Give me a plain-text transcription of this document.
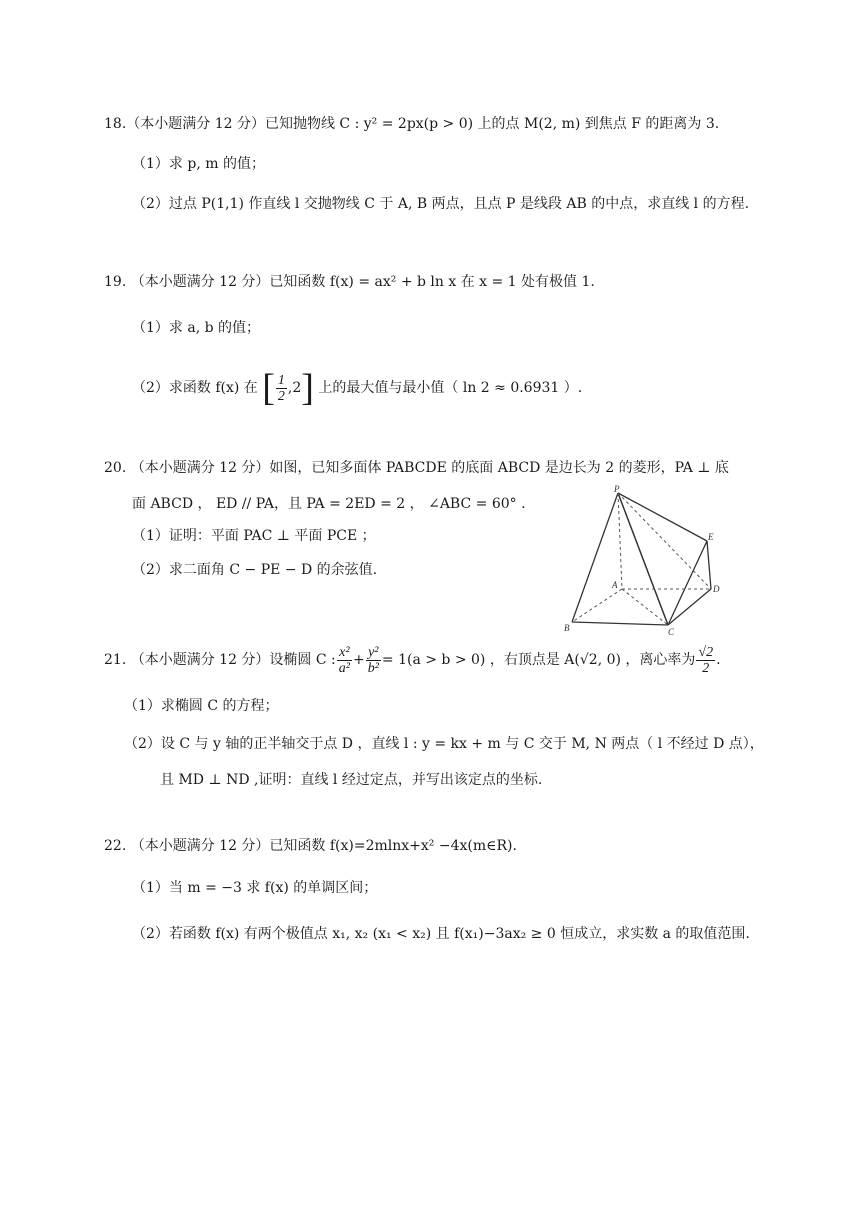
18.（本小题满分 12 分）已知抛物线 C : y² = 2px(p > 0) 上的点 M(2, m) 到焦点 F 的距离为 3.
（1）求 p, m 的值；
（2）过点 P(1,1) 作直线 l 交抛物线 C 于 A, B 两点，且点 P 是线段 AB 的中点，求直线 l 的方程.
19. （本小题满分 12 分）已知函数 f(x) = ax² + b ln x 在 x = 1 处有极值 1.
（1）求 a, b 的值；
（2）求函数 f(x) 在 [ $\frac{1}{2} ,2$] 上的最大值与最小值（ ln 2 ≈ 0.6931 ）.
20. （本小题满分 12 分）如图，已知多面体 PABCDE 的底面 ABCD 是边长为 2 的菱形，PA ⊥ 底
面 ABCD ， ED // PA，且 PA = 2ED = 2 ， ∠ABC = 60° .
（1）证明：平面 PAC ⊥ 平面 PCE ；
（2）求二面角 C − PE − D 的余弦值.
P
E
A	D
B	C
21. （本小题满分 12 分）设椭圆 C : $\frac{\text{x²}}{\text{a²}} + \frac{\text{y²}}{\text{b²}} = 1(a > b > 0)$ ，右顶点是 A(√2, 0) ，离心率为 $\frac{√2}{2}$ .
（1）求椭圆 C 的方程；
（2）设 C 与 y 轴的正半轴交于点 D ，直线 l : y = kx + m 与 C 交于 M, N 两点（ l 不经过 D 点），
且 MD ⊥ ND ,证明：直线 l 经过定点，并写出该定点的坐标.
22. （本小题满分 12 分）已知函数 f(x)=2mlnx+x² −4x(m∈R).
（1）当 m = −3 求 f(x) 的单调区间；
（2）若函数 f(x) 有两个极值点 x₁, x₂ (x₁ < x₂) 且 f(x₁)−3ax₂ ≥ 0 恒成立，求实数 a 的取值范围.
